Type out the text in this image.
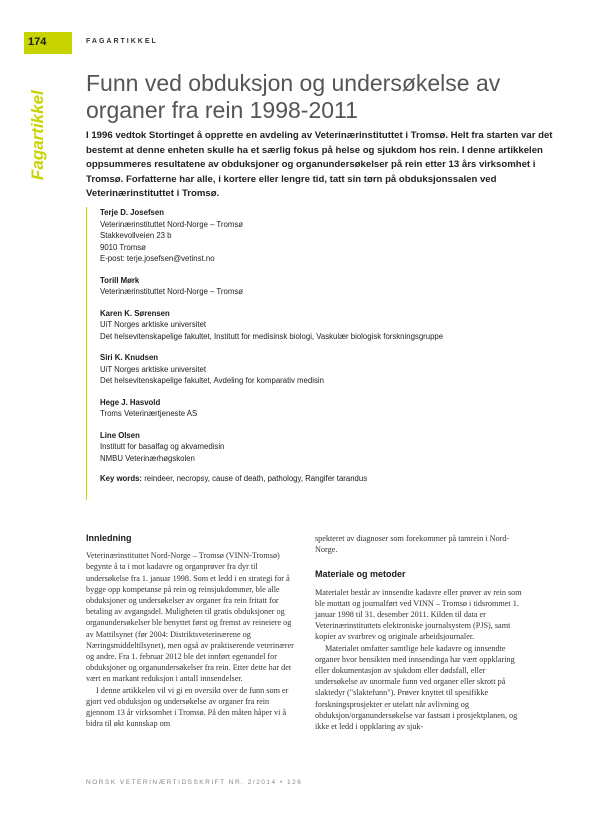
174	FAGARTIKKEL
Fagartikkel
Funn ved obduksjon og undersøkelse av organer fra rein 1998-2011

I 1996 vedtok Stortinget å opprette en avdeling av Veterinærinstituttet i Tromsø. Helt fra starten var det bestemt at denne enheten skulle ha et særlig fokus på helse og sjukdom hos rein. I denne artikkelen oppsummeres resultatene av obduksjoner og organundersøkelser på rein etter 13 års virksomhet i Tromsø. Forfatterne har alle, i kortere eller lengre tid, tatt sin tørn på obduksjonssalen ved Veterinærinstituttet i Tromsø.

Terje D. Josefsen
Veterinærinstituttet Nord-Norge – Tromsø
Stakkevollveien 23 b
9010 Tromsø
E-post: terje.josefsen@vetinst.no
Torill Mørk
Veterinærinstituttet Nord-Norge – Tromsø
Karen K. Sørensen
UiT Norges arktiske universitet
Det helsevitenskapelige fakultet, Institutt for medisinsk biologi, Vaskulær biologisk forskningsgruppe
Siri K. Knudsen
UiT Norges arktiske universitet
Det helsevitenskapelige fakultet, Avdeling for komparativ medisin
Hege J. Hasvold
Troms Veterinærtjeneste AS
Line Olsen
Institutt for basalfag og akvamedisin
NMBU Veterinærhøgskolen
Key words: reindeer, necropsy, cause of death, pathology, Rangifer tarandus
Innledning

Veterinærinstituttet Nord-Norge – Tromsø (VINN-Tromsø) begynte å ta i mot kadavre og organprøver fra dyr til undersøkelse fra 1. januar 1998. Som et ledd i en strategi for å bygge opp kompetanse på rein og reinsjukdommer, ble alle obduksjoner og undersøkelser av organer fra rein fritatt for betaling av avgangsdel. Muligheten til gratis obduksjoner og organundersøkelser ble benyttet først og fremst av reineiere og av Mattilsynet (før 2004: Distriktsveterinærene og Næringsmiddeltilsynet), men også av praktiserende veterinærer og andre. Fra 1. februar 2012 ble det innført egenandel for obduksjoner og organundersøkelser fra rein. Etter dette har det vært en markant reduksjon i antall innsendelser.

I denne artikkelen vil vi gi en oversikt over de funn som er gjort ved obduksjon og undersøkelse av organer fra rein gjennom 13 år virksomhet i Tromsø. På den måten håper vi å bidra til økt kunnskap om

spekteret av diagnoser som forekommer på tamrein i Nord-Norge.

Materiale og metoder

Materialet består av innsendte kadavre eller prøver av rein som ble mottatt og journalført ved VINN – Tromsø i tidsrommet 1. januar 1998 til 31. desember 2011. Kilden til data er Veterinærinstituttets elektroniske journalsystem (PJS), samt kopier av svarbrev og originale arbeidsjournaler.

Materialet omfatter samtlige hele kadavre og innsendte organer hvor hensikten med innsendinga har vært oppklaring eller dokumentasjon av sjukdom eller dødsfall, eller undersøkelse av unormale funn ved organer eller skrott på slaktedyr ("slaktefunn"). Prøver knyttet til spesifikke forskningsprosjekter er utelatt når avlivning og obduksjon/organundersøkelse var fastsatt i prosjektplanen, og ikke et ledd i oppklaring av sjuk-

NORSK VETERINÆRTIDSSKRIFT NR. 2/2014 • 126
